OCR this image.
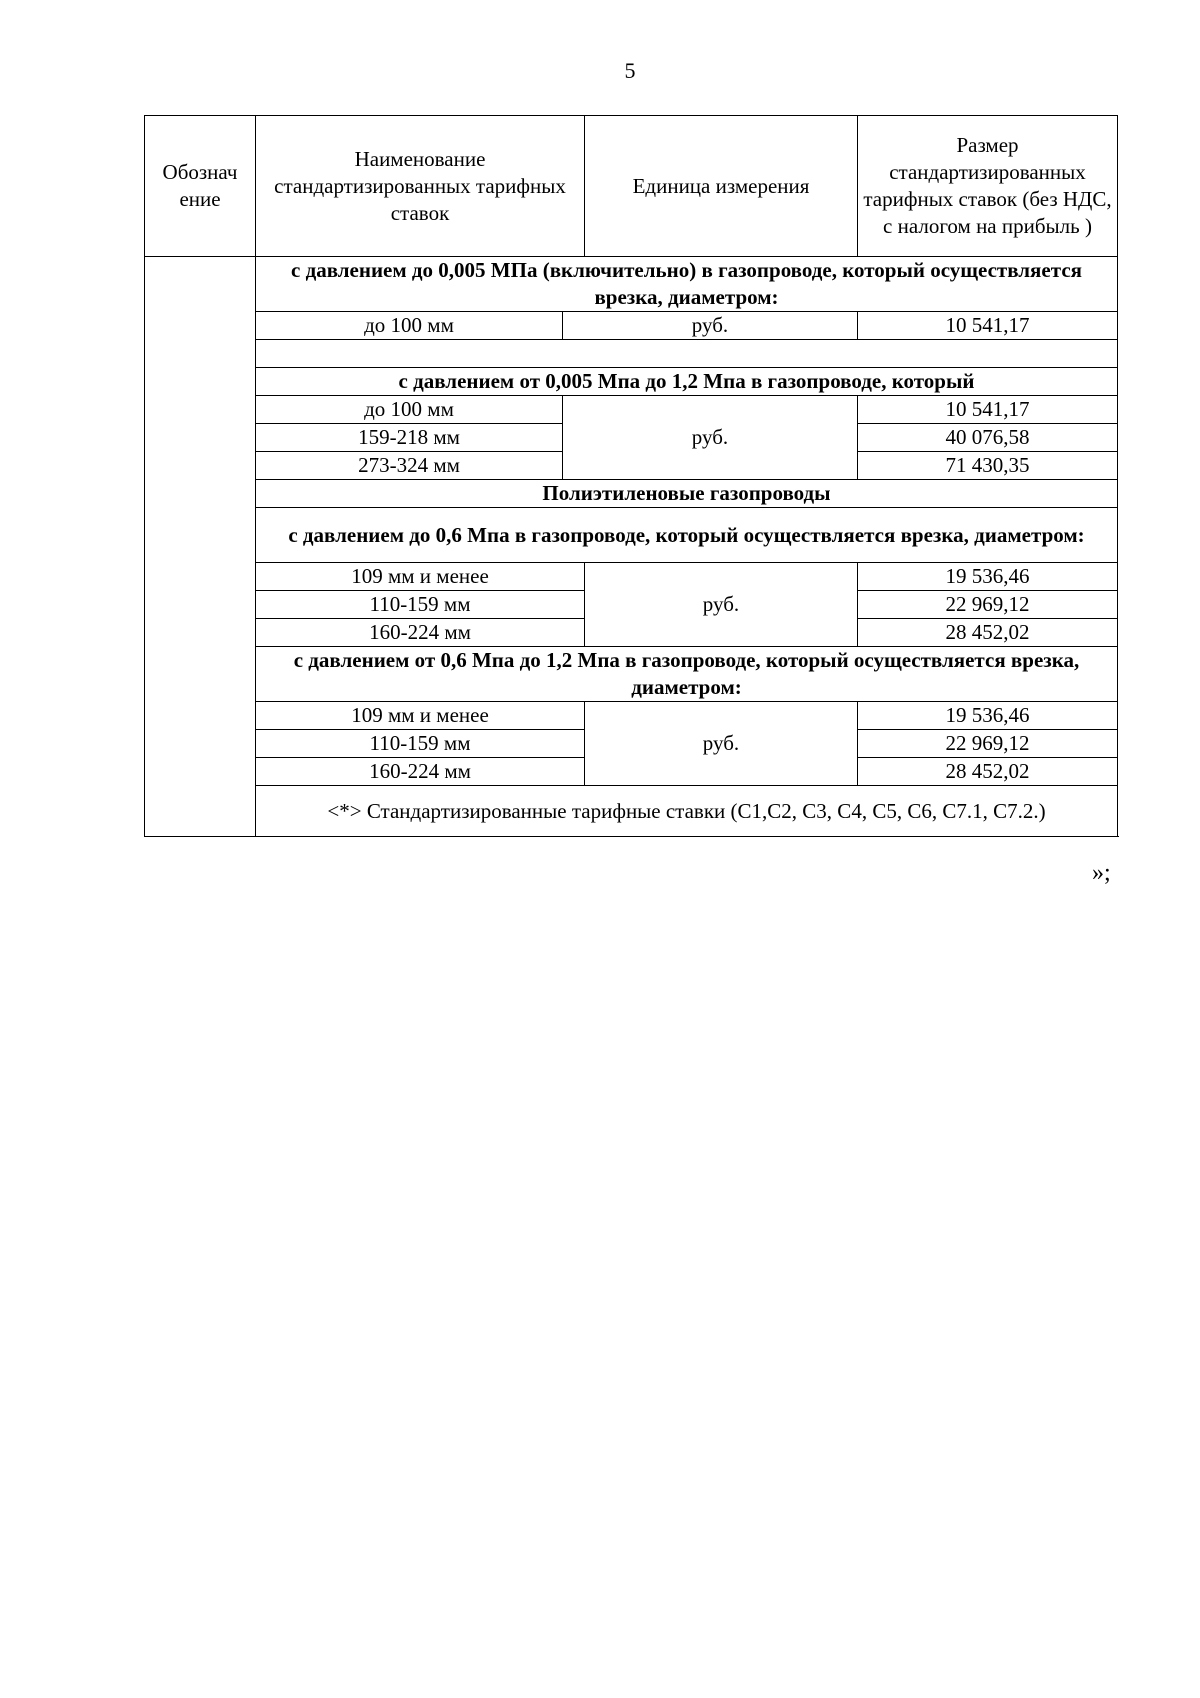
5
Обознач ение	Наименование стандартизированных тарифных ставок		Единица измерения	Размер стандартизированных тарифных ставок (без НДС, с налогом на прибыль )
	с давлением до 0,005 МПа (включительно) в газопроводе, который осуществляется врезка, диаметром:			
	до 100 мм	руб.		10 541,17

	с давлением от 0,005 Мпа до 1,2 Мпа в газопроводе, который			
	до 100 мм	руб.		10 541,17
	159-218 мм			40 076,58
	273-324 мм			71 430,35
	Полиэтиленовые газопроводы			
	с давлением до 0,6 Мпа в газопроводе, который осуществляется врезка, диаметром:			
	109 мм и менее		руб.	19 536,46
	110-159 мм			22 969,12
	160-224 мм			28 452,02
	с давлением от 0,6 Мпа до 1,2 Мпа в газопроводе, который осуществляется врезка, диаметром:			
	109 мм и менее		руб.	19 536,46
	110-159 мм			22 969,12
	160-224 мм			28 452,02
	<*> Стандартизированные тарифные ставки (С1,С2, С3, С4, С5, С6, С7.1, С7.2.)			
»;
